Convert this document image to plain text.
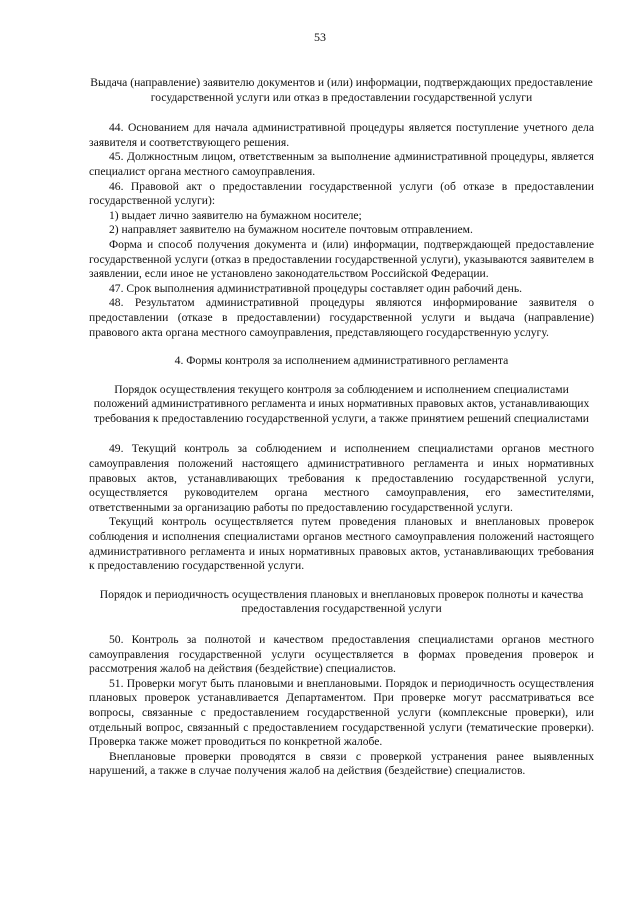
53

Выдача (направление) заявителю документов и (или) информации, подтверждающих предоставление государственной услуги или отказ в предоставлении государственной услуги

44. Основанием для начала административной процедуры является поступление учетного дела заявителя и соответствующего решения.

45. Должностным лицом, ответственным за выполнение административной процедуры, является специалист органа местного самоуправления.

46. Правовой акт о предоставлении государственной услуги (об отказе в предоставлении государственной услуги):

1) выдает лично заявителю на бумажном носителе;

2) направляет заявителю на бумажном носителе почтовым отправлением.

Форма и способ получения документа и (или) информации, подтверждающей предоставление государственной услуги (отказ в предоставлении государственной услуги), указываются заявителем в заявлении, если иное не установлено законодательством Российской Федерации.

47. Срок выполнения административной процедуры составляет один рабочий день.

48. Результатом административной процедуры являются информирование заявителя о предоставлении (отказе в предоставлении) государственной услуги и выдача (направление) правового акта органа местного самоуправления, представляющего государственную услугу.

4. Формы контроля за исполнением административного регламента

Порядок осуществления текущего контроля за соблюдением и исполнением специалистами положений административного регламента и иных нормативных правовых актов, устанавливающих требования к предоставлению государственной услуги, а также принятием решений специалистами

49. Текущий контроль за соблюдением и исполнением специалистами органов местного самоуправления положений настоящего административного регламента и иных нормативных правовых актов, устанавливающих требования к предоставлению государственной услуги, осуществляется руководителем органа местного самоуправления, его заместителями, ответственными за организацию работы по предоставлению государственной услуги.

Текущий контроль осуществляется путем проведения плановых и внеплановых проверок соблюдения и исполнения специалистами органов местного самоуправления положений настоящего административного регламента и иных нормативных правовых актов, устанавливающих требования к предоставлению государственной услуги.

Порядок и периодичность осуществления плановых и внеплановых проверок полноты и качества предоставления государственной услуги

50. Контроль за полнотой и качеством предоставления специалистами органов местного самоуправления государственной услуги осуществляется в формах проведения проверок и рассмотрения жалоб на действия (бездействие) специалистов.

51. Проверки могут быть плановыми и внеплановыми. Порядок и периодичность осуществления плановых проверок устанавливается Департаментом. При проверке могут рассматриваться все вопросы, связанные с предоставлением государственной услуги (комплексные проверки), или отдельный вопрос, связанный с предоставлением государственной услуги (тематические проверки). Проверка также может проводиться по конкретной жалобе.

Внеплановые проверки проводятся в связи с проверкой устранения ранее выявленных нарушений, а также в случае получения жалоб на действия (бездействие) специалистов.
